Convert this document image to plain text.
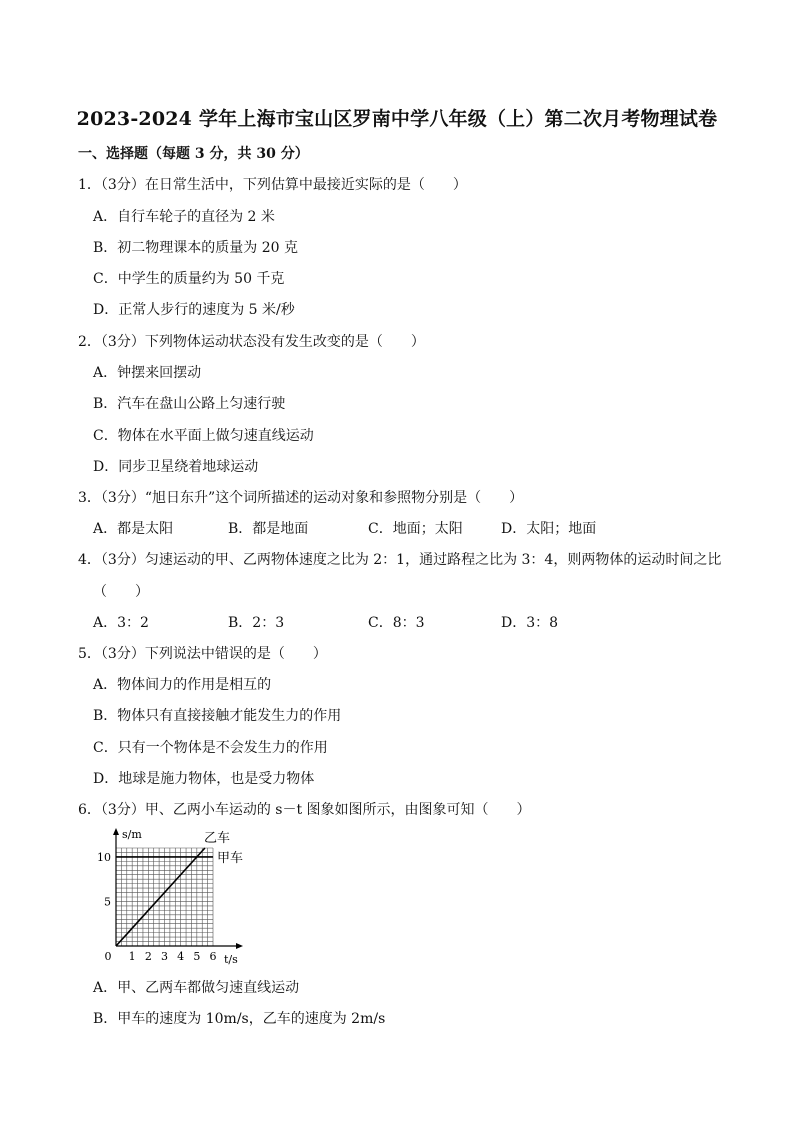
2023-2024 学年上海市宝山区罗南中学八年级（上）第二次月考物理试卷
一、选择题（每题 3 分，共 30 分）
1．（3分）在日常生活中，下列估算中最接近实际的是（　　）
A．自行车轮子的直径为 2 米
B．初二物理课本的质量为 20 克
C．中学生的质量约为 50 千克
D．正常人步行的速度为 5 米/秒
2．（3分）下列物体运动状态没有发生改变的是（　　）
A．钟摆来回摆动
B．汽车在盘山公路上匀速行驶
C．物体在水平面上做匀速直线运动
D．同步卫星绕着地球运动
3．（3分）“旭日东升”这个词所描述的运动对象和参照物分别是（　　）
A．都是太阳	B．都是地面	C．地面；太阳	D．太阳；地面
4．（3分）匀速运动的甲、乙两物体速度之比为 2：1，通过路程之比为 3：4，则两物体的运动时间之比
（　　）
A．3：2	B．2：3	C．8：3	D．3：8
5．（3分）下列说法中错误的是（　　）
A．物体间力的作用是相互的
B．物体只有直接接触才能发生力的作用
C．只有一个物体是不会发生力的作用
D．地球是施力物体，也是受力物体
6．（3分）甲、乙两小车运动的 s－t 图象如图所示，由图象可知（　　）
甲车
乙车
s/m
t/s
0 1 2 3 4 5 6
5
10
A．甲、乙两车都做匀速直线运动
B．甲车的速度为 10m/s，乙车的速度为 2m/s
